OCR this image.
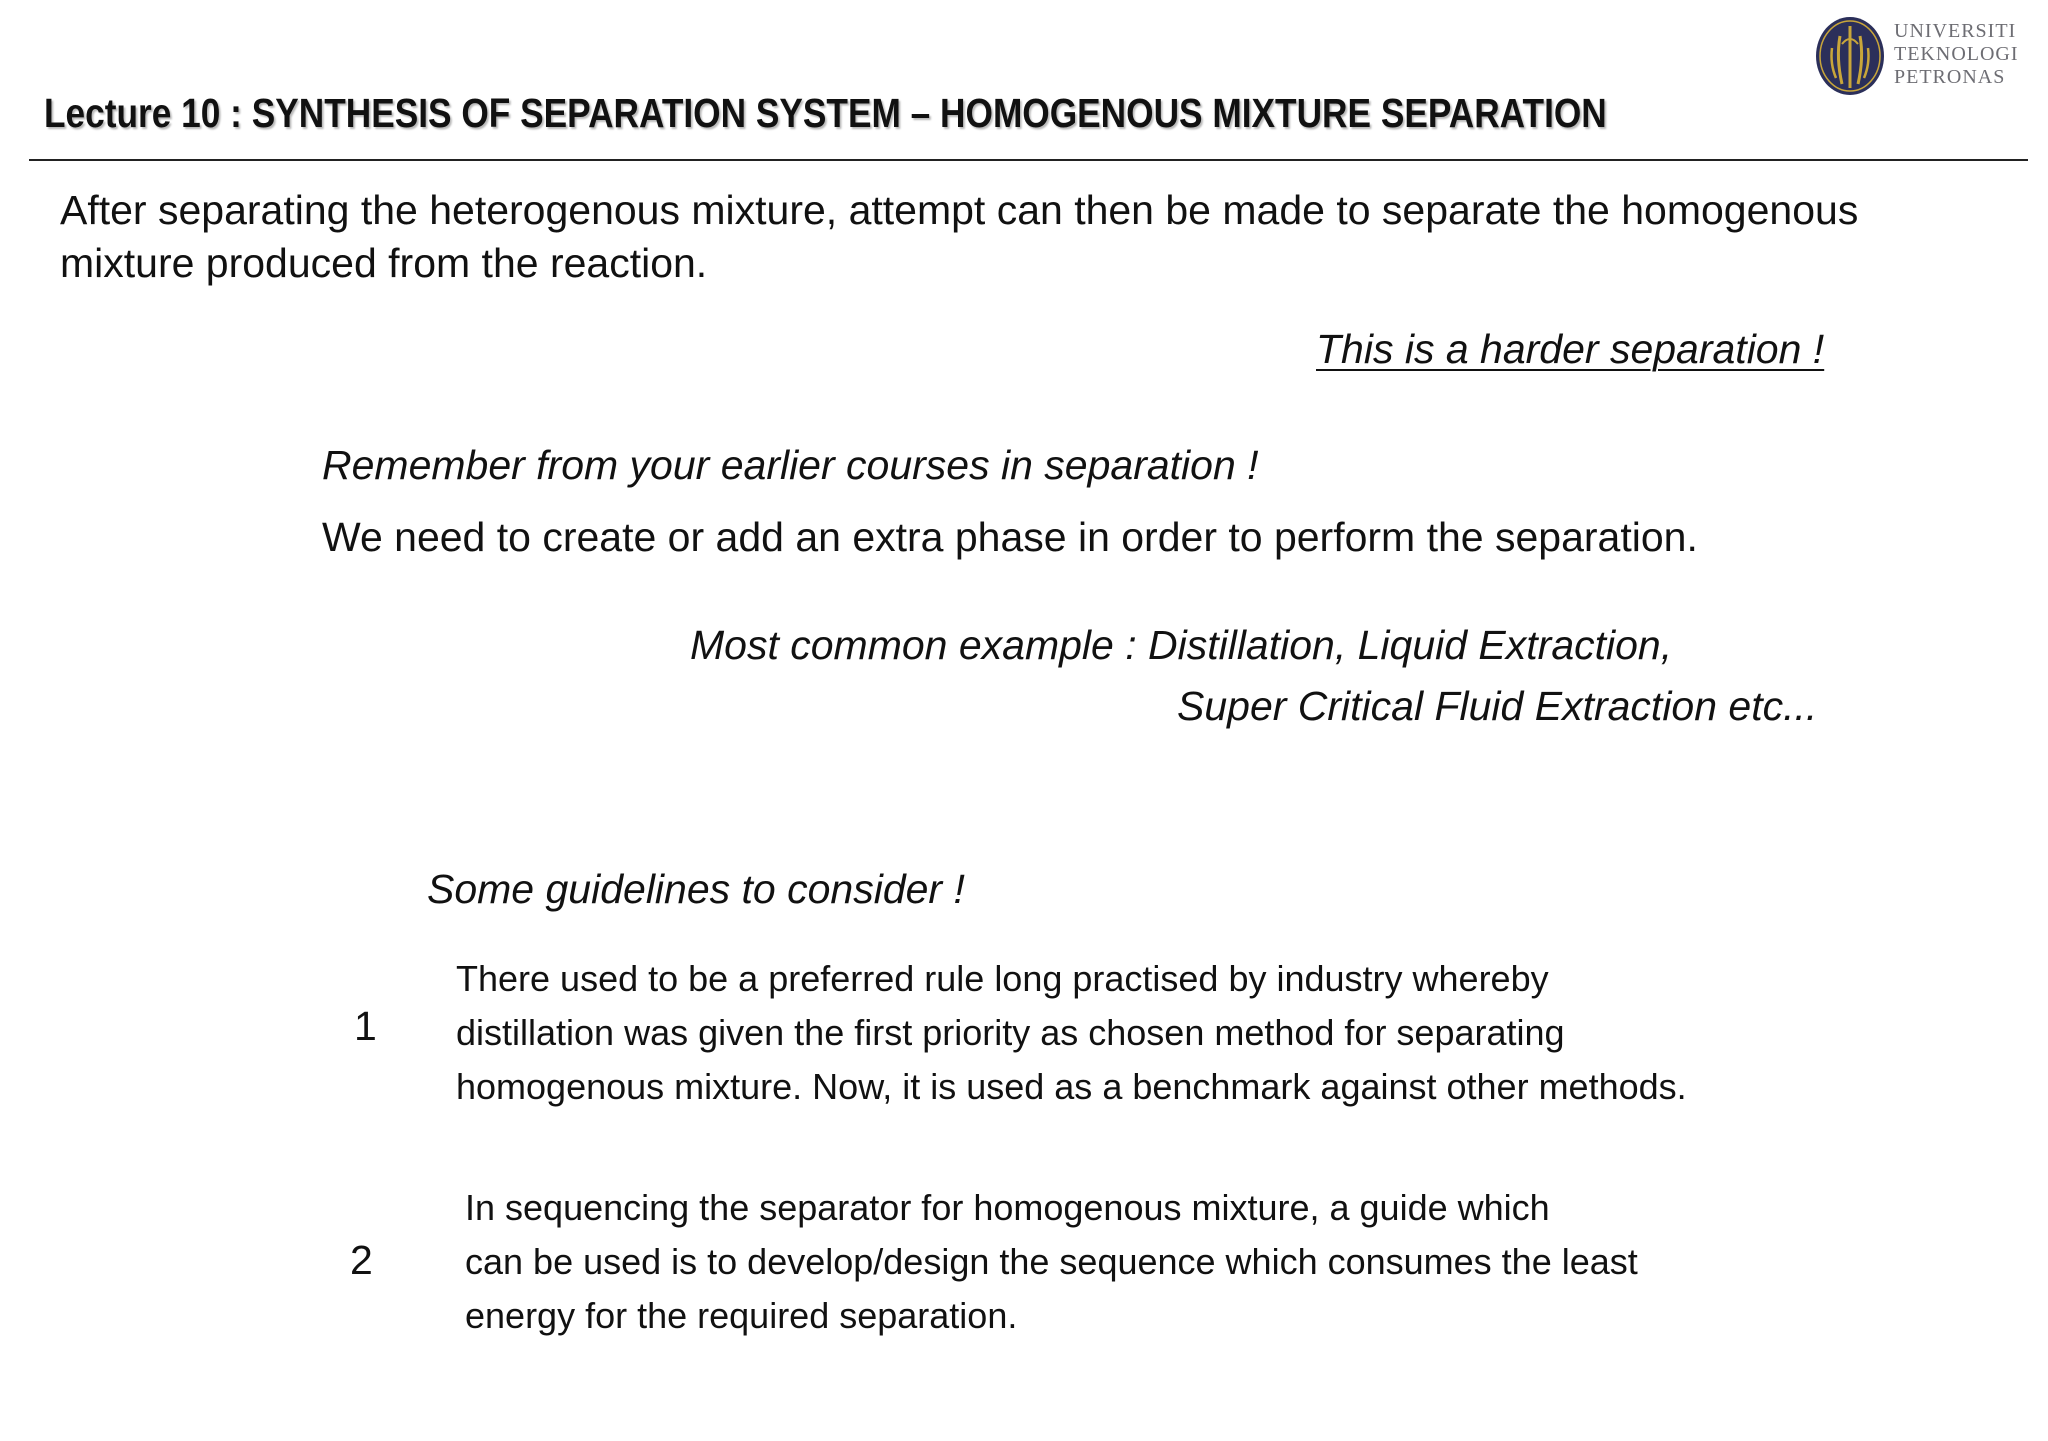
Lecture 10 : SYNTHESIS OF SEPARATION SYSTEM – HOMOGENOUS MIXTURE SEPARATION
UNIVERSITI
TEKNOLOGI
PETRONAS
After separating the heterogenous mixture, attempt can then be made to separate the homogenous
mixture produced from the reaction.
This is a harder separation !
Remember from your earlier courses in separation !
We need to create or add an extra phase in order to perform the separation.
Most common example : Distillation, Liquid Extraction,
Super Critical Fluid Extraction etc...
Some guidelines to consider !
1
There used to be a preferred rule long practised by industry whereby
distillation was given the first priority as chosen method for separating
homogenous mixture. Now, it is used as a benchmark against other methods.
2
In sequencing the separator for homogenous mixture, a guide which
can be used is to develop/design the sequence which consumes the least
energy for the required separation.
